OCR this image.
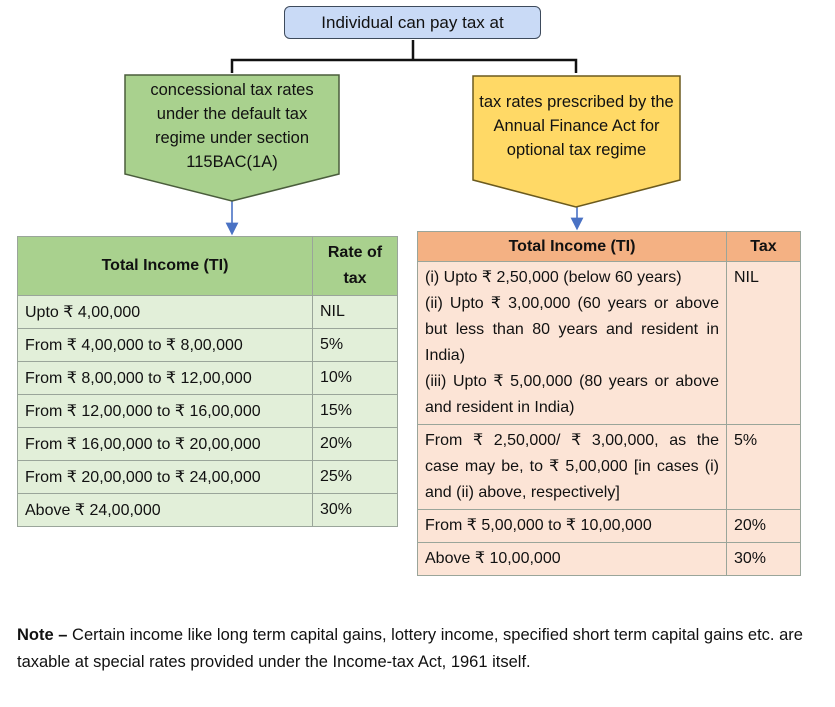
Individual can pay tax at
concessional tax rates under the default tax regime under section 115BAC(1A)
tax rates prescribed by the Annual Finance Act for optional tax regime
Total Income (TI)	Rate of tax
Upto ₹ 4,00,000	NIL
From ₹ 4,00,000 to ₹ 8,00,000	5%
From ₹ 8,00,000 to ₹ 12,00,000	10%
From ₹ 12,00,000 to ₹ 16,00,000	15%
From ₹ 16,00,000 to ₹ 20,00,000	20%
From ₹ 20,00,000 to ₹ 24,00,000	25%
Above ₹ 24,00,000	30%
Total Income (TI)	Tax

(i) Upto ₹ 2,50,000 (below 60 years)
(ii) Upto ₹ 3,00,000 (60 years or above but less than 80 years and resident in India)
(iii) Upto ₹ 5,00,000 (80 years or above and resident in India)	NIL

From ₹ 2,50,000/ ₹ 3,00,000, as the case may be, to ₹ 5,00,000 [in cases (i) and (ii) above, respectively]	5%

From ₹ 5,00,000 to ₹ 10,00,000	20%

Above ₹ 10,00,000	30%
Note – Certain income like long term capital gains, lottery income, specified short term capital gains etc. are taxable at special rates provided under the Income-tax Act, 1961 itself.
